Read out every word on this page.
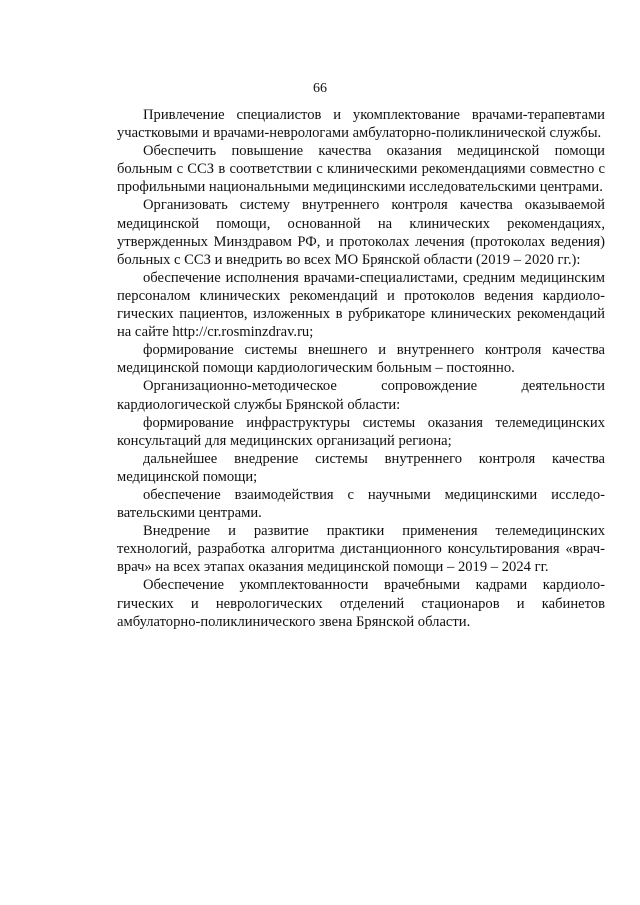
66

Привлечение специалистов и укомплектование врачами-терапевтами участковыми и врачами-неврологами амбулаторно-поликлинической службы.

Обеспечить повышение качества оказания медицинской помощи больным с ССЗ в соответствии с клиническими рекомендациями совместно с профильными национальными медицинскими исследовательскими центрами.

Организовать систему внутреннего контроля качества оказываемой медицинской помощи, основанной на клинических рекомендациях, утвержденных Минздравом РФ, и протоколах лечения (протоколах ведения) больных с ССЗ и внедрить во всех МО Брянской области (2019 – 2020 гг.):

обеспечение исполнения врачами-специалистами, средним медицинским персоналом клинических рекомендаций и протоколов ведения кардиологических пациентов, изложенных в рубрикаторе клинических рекомендаций на сайте http://cr.rosminzdrav.ru;

формирование системы внешнего и внутреннего контроля качества медицинской помощи кардиологическим больным – постоянно.

Организационно-методическое сопровождение деятельности кардиологической службы Брянской области:

формирование инфраструктуры системы оказания телемедицинских консультаций для медицинских организаций региона;

дальнейшее внедрение системы внутреннего контроля качества медицинской помощи;

обеспечение взаимодействия с научными медицинскими исследовательскими центрами.

Внедрение и развитие практики применения телемедицинских технологий, разработка алгоритма дистанционного консультирования «врач-врач» на всех этапах оказания медицинской помощи – 2019 – 2024 гг.

Обеспечение укомплектованности врачебными кадрами кардиологических и неврологических отделений стационаров и кабинетов амбулаторно-поликлинического звена Брянской области.
